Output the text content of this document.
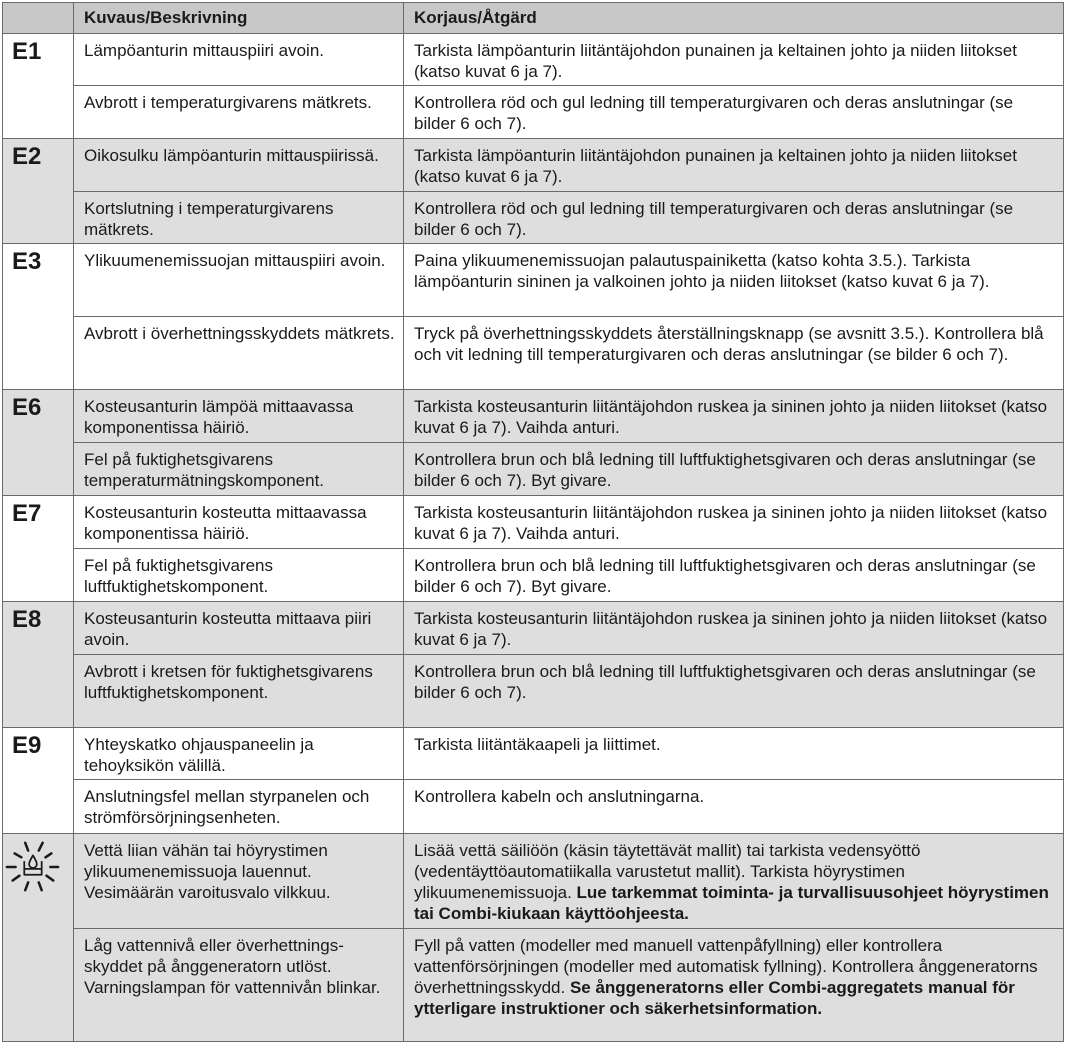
	Kuvaus/Beskrivning	Korjaus/Åtgärd
E1	Lämpöanturin mittauspiiri avoin.	Tarkista lämpöanturin liitäntäjohdon punainen ja keltainen johto ja niiden liitokset (katso kuvat 6 ja 7).
	Avbrott i temperaturgivarens mätkrets.	Kontrollera röd och gul ledning till temperaturgivaren och deras anslutningar (se bilder 6 och 7).
E2	Oikosulku lämpöanturin mittauspiirissä.	Tarkista lämpöanturin liitäntäjohdon punainen ja keltainen johto ja niiden liitokset (katso kuvat 6 ja 7).
	Kortslutning i temperaturgivarens mätkrets.	Kontrollera röd och gul ledning till temperaturgivaren och deras anslutningar (se bilder 6 och 7).
E3	Ylikuumenemissuojan mittauspiiri avoin.	Paina ylikuumenemissuojan palautuspainiketta (katso kohta 3.5.). Tarkista lämpöanturin sininen ja valkoinen johto ja niiden liitokset (katso kuvat 6 ja 7).
	Avbrott i överhettningsskyddets mätkrets.	Tryck på överhettningsskyddets återställningsknapp (se avsnitt 3.5.). Kontrollera blå och vit ledning till temperaturgivaren och deras anslutningar (se bilder 6 och 7).
E6	Kosteusanturin lämpöä mittaavassa komponentissa häiriö.	Tarkista kosteusanturin liitäntäjohdon ruskea ja sininen johto ja niiden liitokset (katso kuvat 6 ja 7). Vaihda anturi.
	Fel på fuktighetsgivarens temperaturmätningskomponent.	Kontrollera brun och blå ledning till luftfuktighetsgivaren och deras anslutningar (se bilder 6 och 7). Byt givare.
E7	Kosteusanturin kosteutta mittaavassa komponentissa häiriö.	Tarkista kosteusanturin liitäntäjohdon ruskea ja sininen johto ja niiden liitokset (katso kuvat 6 ja 7). Vaihda anturi.
	Fel på fuktighetsgivarens luftfuktighetskomponent.	Kontrollera brun och blå ledning till luftfuktighetsgivaren och deras anslutningar (se bilder 6 och 7). Byt givare.
E8	Kosteusanturin kosteutta mittaava piiri avoin.	Tarkista kosteusanturin liitäntäjohdon ruskea ja sininen johto ja niiden liitokset (katso kuvat 6 ja 7).
	Avbrott i kretsen för fuktighetsgivarens luftfuktighetskomponent.	Kontrollera brun och blå ledning till luftfuktighetsgivaren och deras anslutningar (se bilder 6 och 7).
E9	Yhteyskatko ohjauspaneelin ja tehoyksikön välillä.	Tarkista liitäntäkaapeli ja liittimet.
	Anslutningsfel mellan styrpanelen och strömförsörjningsenheten.	Kontrollera kabeln och anslutningarna.

	Vettä liian vähän tai höyrystimen ylikuumenemissuoja lauennut. Vesimäärän varoitusvalo vilkkuu.	Lisää vettä säiliöön (käsin täytettävät mallit) tai tarkista vedensyöttö (vedentäyttöautomatiikalla varustetut mallit). Tarkista höyrystimen ylikuumenemissuoja. Lue tarkemmat toiminta- ja turvallisuusohjeet höyrystimen tai Combi-kiukaan käyttöohjeesta.
	Låg vattennivå eller överhettnings-skyddet på ånggeneratorn utlöst. Varningslampan för vattennivån blinkar.	Fyll på vatten (modeller med manuell vattenpåfyllning) eller kontrollera vattenförsörjningen (modeller med automatisk fyllning). Kontrollera ånggeneratorns överhettningsskydd. Se ånggeneratorns eller Combi-aggregatets manual för ytterligare instruktioner och säkerhetsinformation.
